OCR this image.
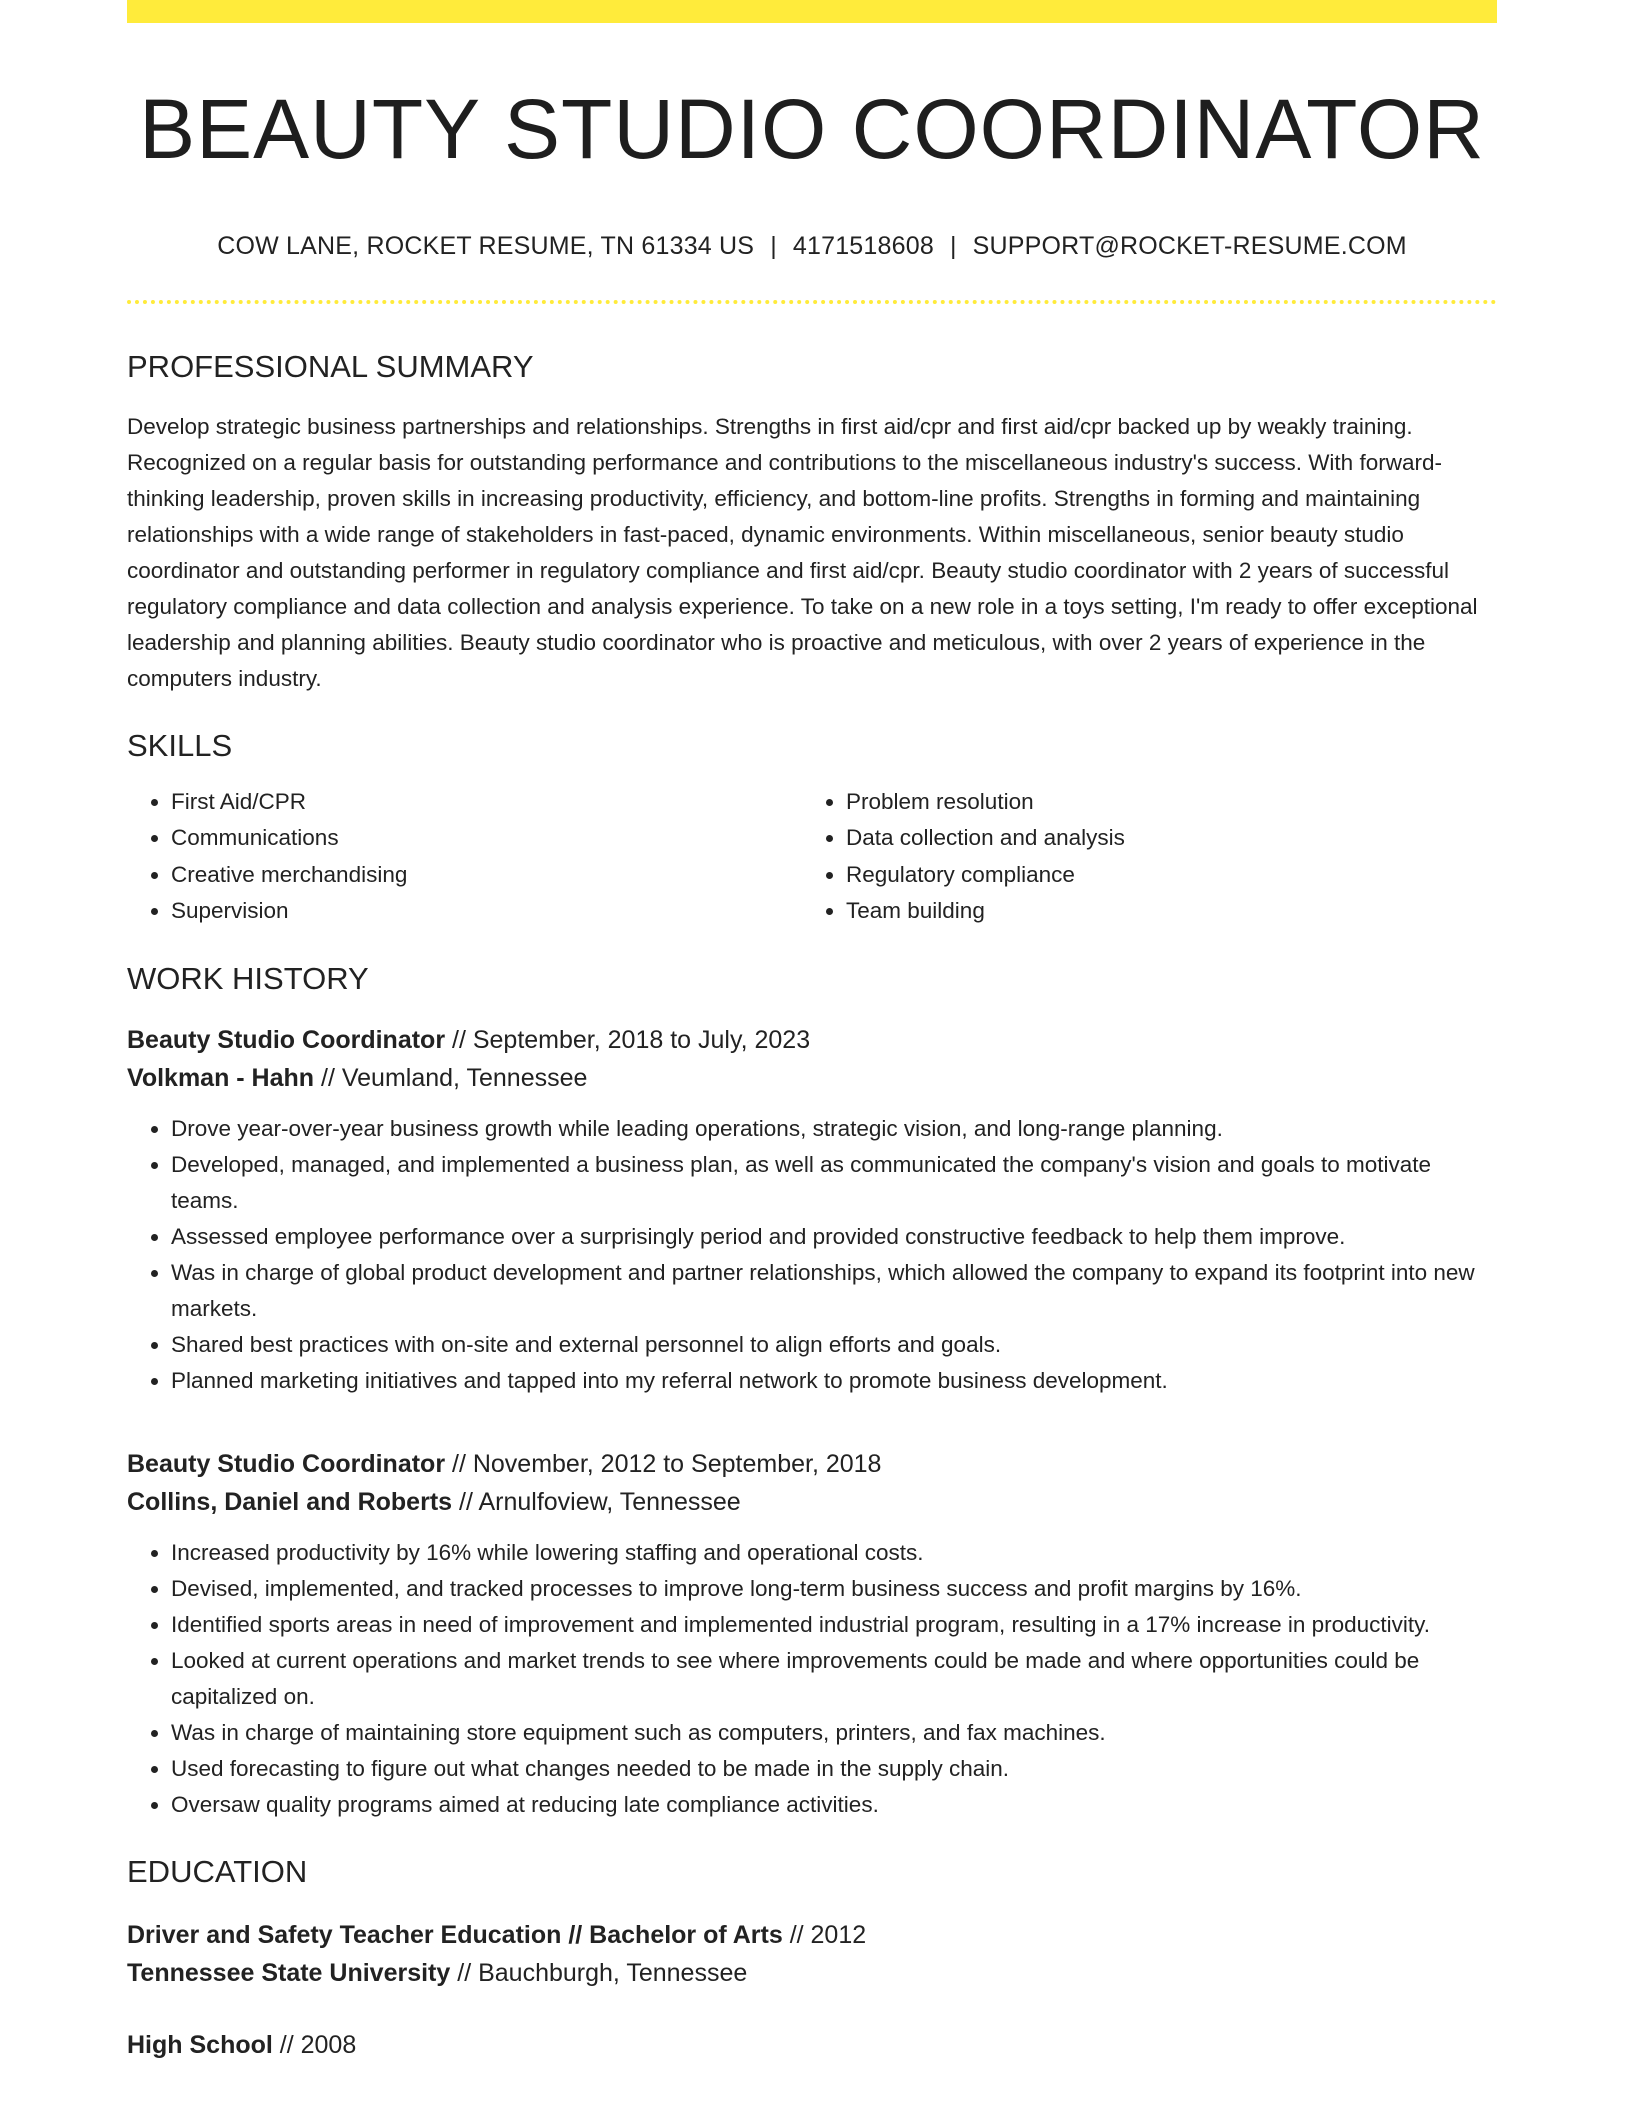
BEAUTY STUDIO COORDINATOR
COW LANE, ROCKET RESUME, TN 61334 US | 4171518608 | SUPPORT@ROCKET-RESUME.COM
PROFESSIONAL SUMMARY

Develop strategic business partnerships and relationships. Strengths in first aid/cpr and first aid/cpr backed up by weakly training. Recognized on a regular basis for outstanding performance and contributions to the miscellaneous industry's success. With forward-thinking leadership, proven skills in increasing productivity, efficiency, and bottom-line profits. Strengths in forming and maintaining relationships with a wide range of stakeholders in fast-paced, dynamic environments. Within miscellaneous, senior beauty studio coordinator and outstanding performer in regulatory compliance and first aid/cpr. Beauty studio coordinator with 2 years of successful regulatory compliance and data collection and analysis experience. To take on a new role in a toys setting, I'm ready to offer exceptional leadership and planning abilities. Beauty studio coordinator who is proactive and meticulous, with over 2 years of experience in the computers industry.

SKILLS
• First Aid/CPR
• Communications
• Creative merchandising
• Supervision
• Problem resolution
• Data collection and analysis
• Regulatory compliance
• Team building
WORK HISTORY
Beauty Studio Coordinator // September, 2018 to July, 2023
Volkman - Hahn // Veumland, Tennessee
• Drove year-over-year business growth while leading operations, strategic vision, and long-range planning.
• Developed, managed, and implemented a business plan, as well as communicated the company's vision and goals to motivate teams.
• Assessed employee performance over a surprisingly period and provided constructive feedback to help them improve.
• Was in charge of global product development and partner relationships, which allowed the company to expand its footprint into new markets.
• Shared best practices with on-site and external personnel to align efforts and goals.
• Planned marketing initiatives and tapped into my referral network to promote business development.
Beauty Studio Coordinator // November, 2012 to September, 2018
Collins, Daniel and Roberts // Arnulfoview, Tennessee
• Increased productivity by 16% while lowering staffing and operational costs.
• Devised, implemented, and tracked processes to improve long-term business success and profit margins by 16%.
• Identified sports areas in need of improvement and implemented industrial program, resulting in a 17% increase in productivity.
• Looked at current operations and market trends to see where improvements could be made and where opportunities could be capitalized on.
• Was in charge of maintaining store equipment such as computers, printers, and fax machines.
• Used forecasting to figure out what changes needed to be made in the supply chain.
• Oversaw quality programs aimed at reducing late compliance activities.
EDUCATION
Driver and Safety Teacher Education // Bachelor of Arts // 2012
Tennessee State University // Bauchburgh, Tennessee
High School // 2008
